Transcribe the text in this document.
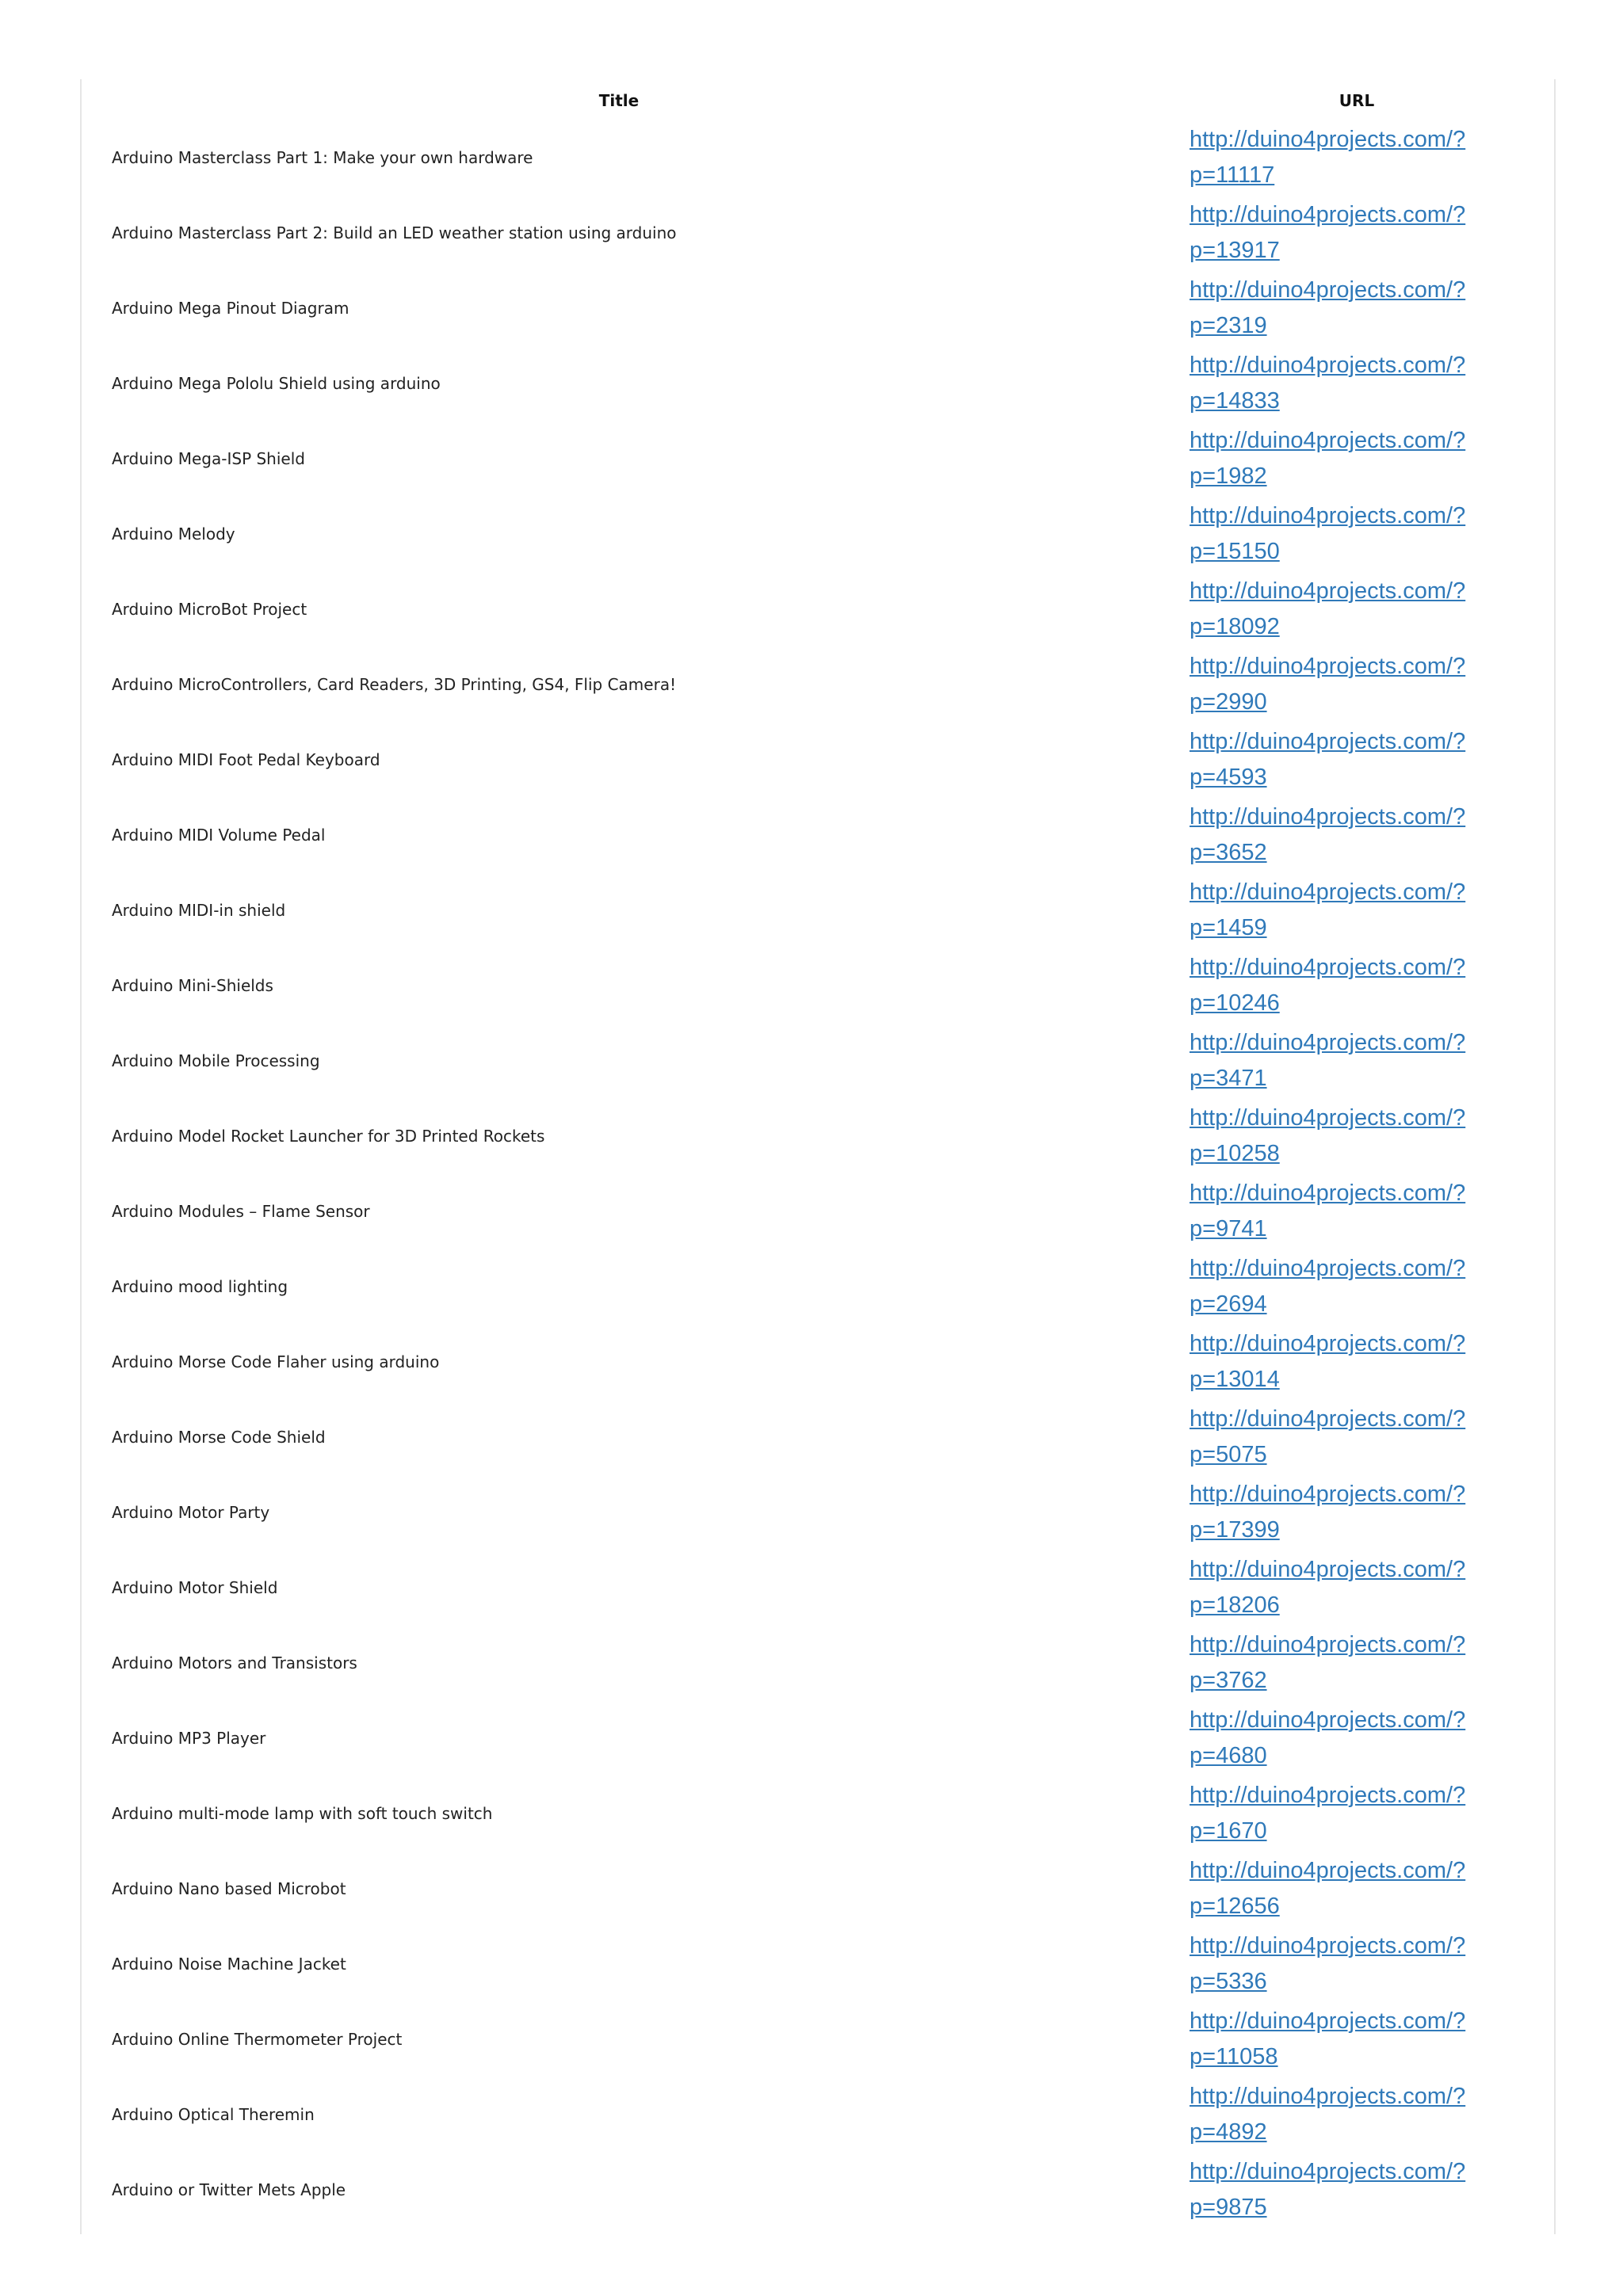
Title	URL
Arduino Masterclass Part 1: Make your own hardware	http://duino4projects.com/?
p=11117

Arduino Masterclass Part 2: Build an LED weather station using arduino	http://duino4projects.com/?
p=13917

Arduino Mega Pinout Diagram	http://duino4projects.com/?
p=2319

Arduino Mega Pololu Shield using arduino	http://duino4projects.com/?
p=14833

Arduino Mega-ISP Shield	http://duino4projects.com/?
p=1982

Arduino Melody	http://duino4projects.com/?
p=15150

Arduino MicroBot Project	http://duino4projects.com/?
p=18092

Arduino MicroControllers, Card Readers, 3D Printing, GS4, Flip Camera!	http://duino4projects.com/?
p=2990

Arduino MIDI Foot Pedal Keyboard	http://duino4projects.com/?
p=4593

Arduino MIDI Volume Pedal	http://duino4projects.com/?
p=3652

Arduino MIDI-in shield	http://duino4projects.com/?
p=1459

Arduino Mini-Shields	http://duino4projects.com/?
p=10246

Arduino Mobile Processing	http://duino4projects.com/?
p=3471

Arduino Model Rocket Launcher for 3D Printed Rockets	http://duino4projects.com/?
p=10258

Arduino Modules – Flame Sensor	http://duino4projects.com/?
p=9741

Arduino mood lighting	http://duino4projects.com/?
p=2694

Arduino Morse Code Flaher using arduino	http://duino4projects.com/?
p=13014

Arduino Morse Code Shield	http://duino4projects.com/?
p=5075

Arduino Motor Party	http://duino4projects.com/?
p=17399

Arduino Motor Shield	http://duino4projects.com/?
p=18206

Arduino Motors and Transistors	http://duino4projects.com/?
p=3762

Arduino MP3 Player	http://duino4projects.com/?
p=4680

Arduino multi-mode lamp with soft touch switch	http://duino4projects.com/?
p=1670

Arduino Nano based Microbot	http://duino4projects.com/?
p=12656

Arduino Noise Machine Jacket	http://duino4projects.com/?
p=5336

Arduino Online Thermometer Project	http://duino4projects.com/?
p=11058

Arduino Optical Theremin	http://duino4projects.com/?
p=4892

Arduino or Twitter Mets Apple	http://duino4projects.com/?
p=9875
